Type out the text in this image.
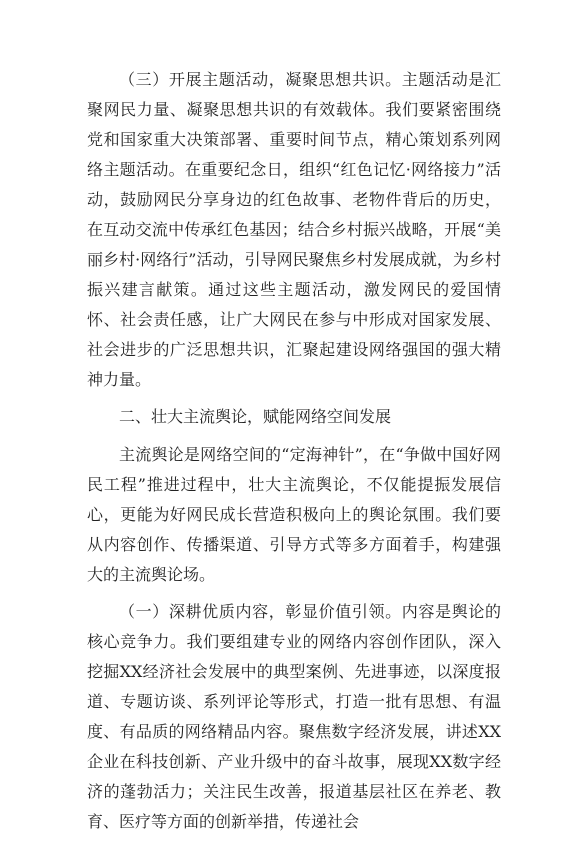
（三）开展主题活动，凝聚思想共识。主题活动是汇聚网民力量、凝聚思想共识的有效载体。我们要紧密围绕党和国家重大决策部署、重要时间节点，精心策划系列网络主题活动。在重要纪念日，组织“红色记忆·网络接力”活动，鼓励网民分享身边的红色故事、老物件背后的历史，在互动交流中传承红色基因；结合乡村振兴战略，开展“美丽乡村·网络行”活动，引导网民聚焦乡村发展成就，为乡村振兴建言献策。通过这些主题活动，激发网民的爱国情怀、社会责任感，让广大网民在参与中形成对国家发展、社会进步的广泛思想共识，汇聚起建设网络强国的强大精神力量。

二、壮大主流舆论，赋能网络空间发展

主流舆论是网络空间的“定海神针”，在“争做中国好网民工程”推进过程中，壮大主流舆论，不仅能提振发展信心，更能为好网民成长营造积极向上的舆论氛围。我们要从内容创作、传播渠道、引导方式等多方面着手，构建强大的主流舆论场。

（一）深耕优质内容，彰显价值引领。内容是舆论的核心竞争力。我们要组建专业的网络内容创作团队，深入挖掘XX经济社会发展中的典型案例、先进事迹，以深度报道、专题访谈、系列评论等形式，打造一批有思想、有温度、有品质的网络精品内容。聚焦数字经济发展，讲述XX企业在科技创新、产业升级中的奋斗故事，展现XX数字经济的蓬勃活力；关注民生改善，报道基层社区在养老、教育、医疗等方面的创新举措，传递社会
